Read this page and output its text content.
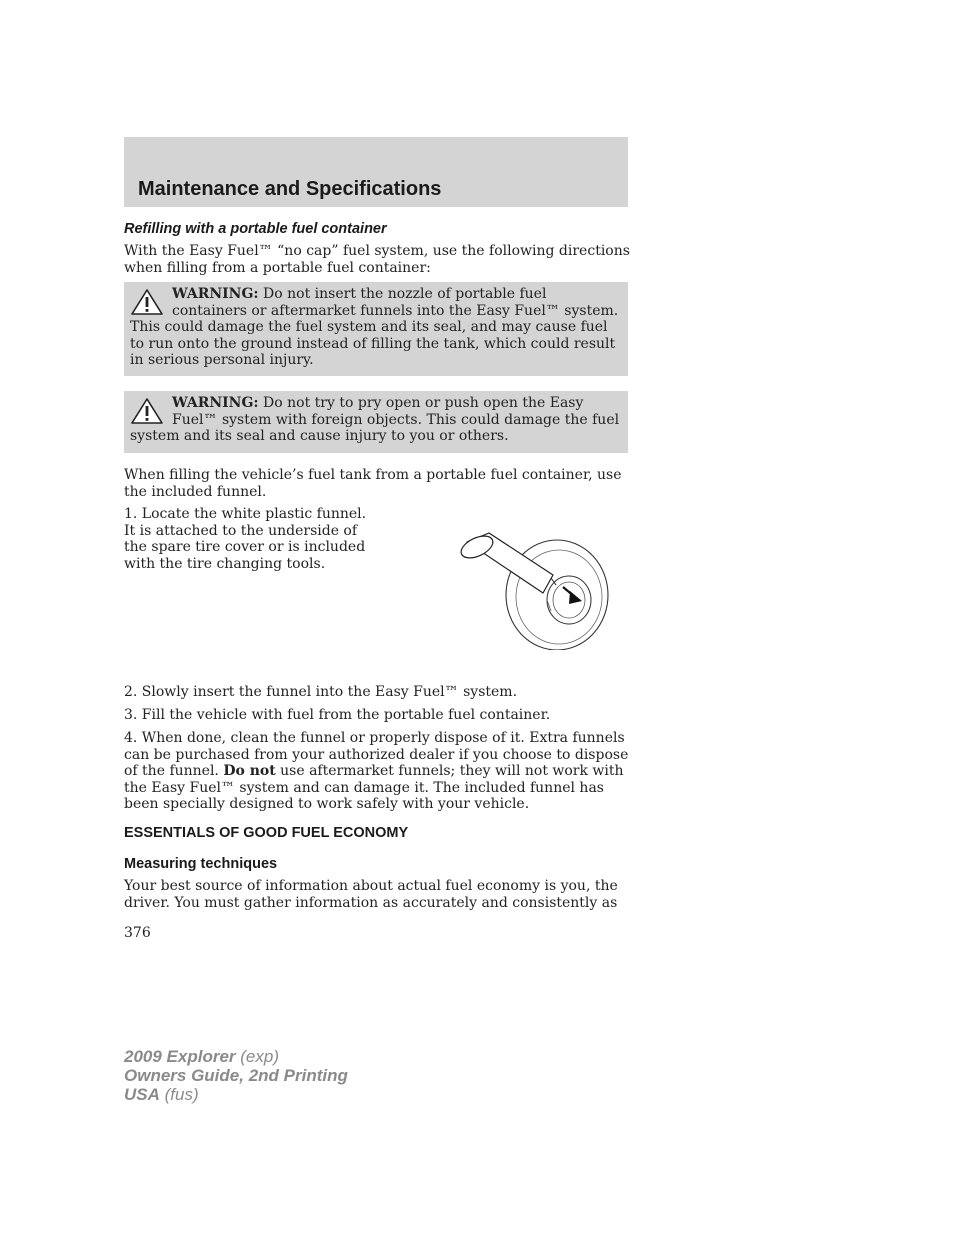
Maintenance and Specifications
Refilling with a portable fuel container

With the Easy Fuel™ “no cap” fuel system, use the following directions when filling from a portable fuel container:

WARNING: Do not insert the nozzle of portable fuel containers or aftermarket funnels into the Easy Fuel™ system. This could damage the fuel system and its seal, and may cause fuel to run onto the ground instead of filling the tank, which could result in serious personal injury.
WARNING: Do not try to pry open or push open the Easy Fuel™ system with foreign objects. This could damage the fuel system and its seal and cause injury to you or others.

When filling the vehicle’s fuel tank from a portable fuel container, use the included funnel.

1. Locate the white plastic funnel. It is attached to the underside of the spare tire cover or is included with the tire changing tools.

2. Slowly insert the funnel into the Easy Fuel™ system.

3. Fill the vehicle with fuel from the portable fuel container.

4. When done, clean the funnel or properly dispose of it. Extra funnels can be purchased from your authorized dealer if you choose to dispose of the funnel. Do not use aftermarket funnels; they will not work with the Easy Fuel™ system and can damage it. The included funnel has been specially designed to work safely with your vehicle.

ESSENTIALS OF GOOD FUEL ECONOMY
Measuring techniques

Your best source of information about actual fuel economy is you, the driver. You must gather information as accurately and consistently as

376

2009 Explorer (exp)
Owners Guide, 2nd Printing
USA (fus)
